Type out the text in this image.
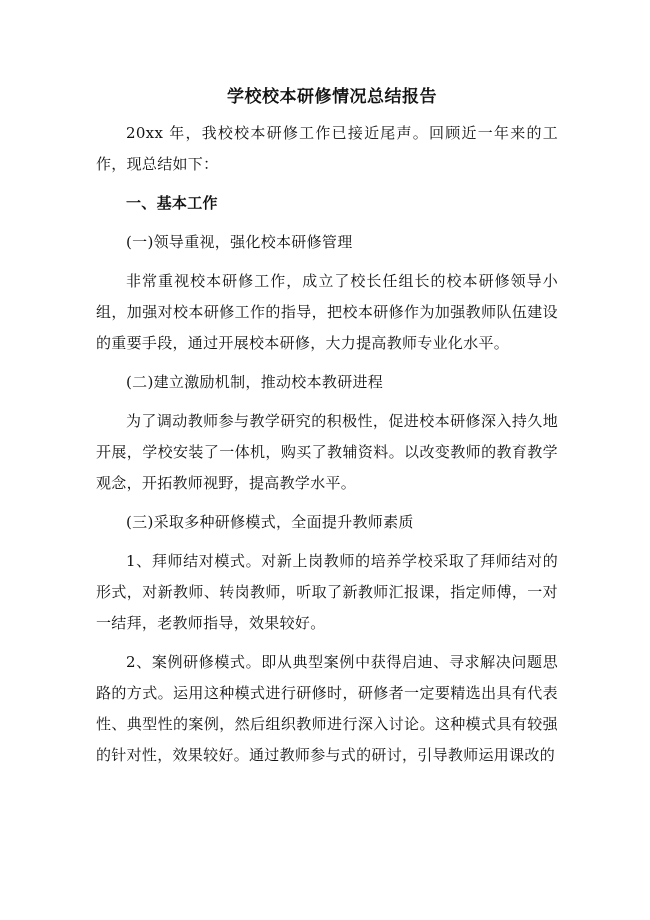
学校校本研修情况总结报告
20xx 年，我校校本研修工作已接近尾声。回顾近一年来的工作，现总结如下：
一、基本工作
(一)领导重视，强化校本研修管理
非常重视校本研修工作，成立了校长任组长的校本研修领导小组，加强对校本研修工作的指导，把校本研修作为加强教师队伍建设的重要手段，通过开展校本研修，大力提高教师专业化水平。
(二)建立激励机制，推动校本教研进程
为了调动教师参与教学研究的积极性，促进校本研修深入持久地开展，学校安装了一体机，购买了教辅资料。以改变教师的教育教学观念，开拓教师视野，提高教学水平。
(三)采取多种研修模式，全面提升教师素质
1、拜师结对模式。对新上岗教师的培养学校采取了拜师结对的形式，对新教师、转岗教师，听取了新教师汇报课，指定师傅，一对一结拜，老教师指导，效果较好。
2、案例研修模式。即从典型案例中获得启迪、寻求解决问题思路的方式。运用这种模式进行研修时，研修者一定要精选出具有代表性、典型性的案例，然后组织教师进行深入讨论。这种模式具有较强的针对性，效果较好。通过教师参与式的研讨，引导教师运用课改的
